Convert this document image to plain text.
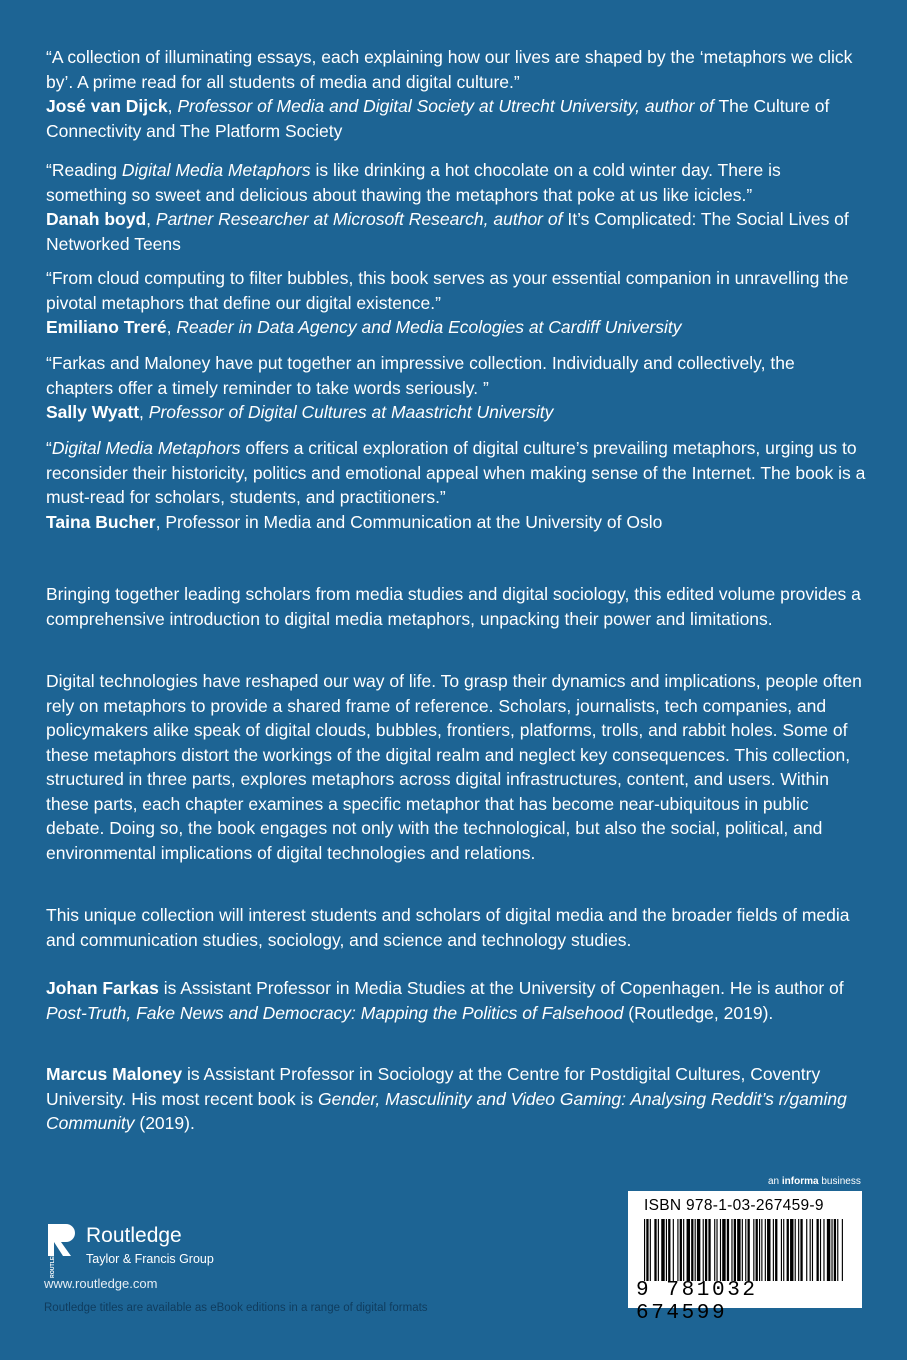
“A collection of illuminating essays, each explaining how our lives are shaped by the ‘metaphors we click by’. A prime read for all students of media and digital culture.”
José van Dijck, Professor of Media and Digital Society at Utrecht University, author of The Culture of Connectivity and The Platform Society

“Reading Digital Media Metaphors is like drinking a hot chocolate on a cold winter day. There is something so sweet and delicious about thawing the metaphors that poke at us like icicles.”
Danah boyd, Partner Researcher at Microsoft Research, author of It’s Complicated: The Social Lives of Networked Teens

“From cloud computing to filter bubbles, this book serves as your essential companion in unravelling the pivotal metaphors that define our digital existence.”
Emiliano Treré, Reader in Data Agency and Media Ecologies at Cardiff University

“Farkas and Maloney have put together an impressive collection. Individually and collectively, the chapters offer a timely reminder to take words seriously. ”
Sally Wyatt, Professor of Digital Cultures at Maastricht University

“Digital Media Metaphors offers a critical exploration of digital culture’s prevailing metaphors, urging us to reconsider their historicity, politics and emotional appeal when making sense of the Internet. The book is a must-read for scholars, students, and practitioners.”
Taina Bucher, Professor in Media and Communication at the University of Oslo

Bringing together leading scholars from media studies and digital sociology, this edited volume provides a comprehensive introduction to digital media metaphors, unpacking their power and limitations.

Digital technologies have reshaped our way of life. To grasp their dynamics and implications, people often rely on metaphors to provide a shared frame of reference. Scholars, journalists, tech companies, and policymakers alike speak of digital clouds, bubbles, frontiers, platforms, trolls, and rabbit holes. Some of these metaphors distort the workings of the digital realm and neglect key consequences. This collection, structured in three parts, explores metaphors across digital infrastructures, content, and users. Within these parts, each chapter examines a specific metaphor that has become near-ubiquitous in public debate. Doing so, the book engages not only with the technological, but also the social, political, and environmental implications of digital technologies and relations.

This unique collection will interest students and scholars of digital media and the broader fields of media and communication studies, sociology, and science and technology studies.

Johan Farkas is Assistant Professor in Media Studies at the University of Copenhagen. He is author of Post-Truth, Fake News and Democracy: Mapping the Politics of Falsehood (Routledge, 2019).

Marcus Maloney is Assistant Professor in Sociology at the Centre for Postdigital Cultures, Coventry University. His most recent book is Gender, Masculinity and Video Gaming: Analysing Reddit’s r/gaming Community (2019).

ROUTLEDGE
Routledge
Taylor & Francis Group
www.routledge.com
Routledge titles are available as eBook editions in a range of digital formats
an informa business
ISBN 978-1-03-267459-9
9 781032 674599
